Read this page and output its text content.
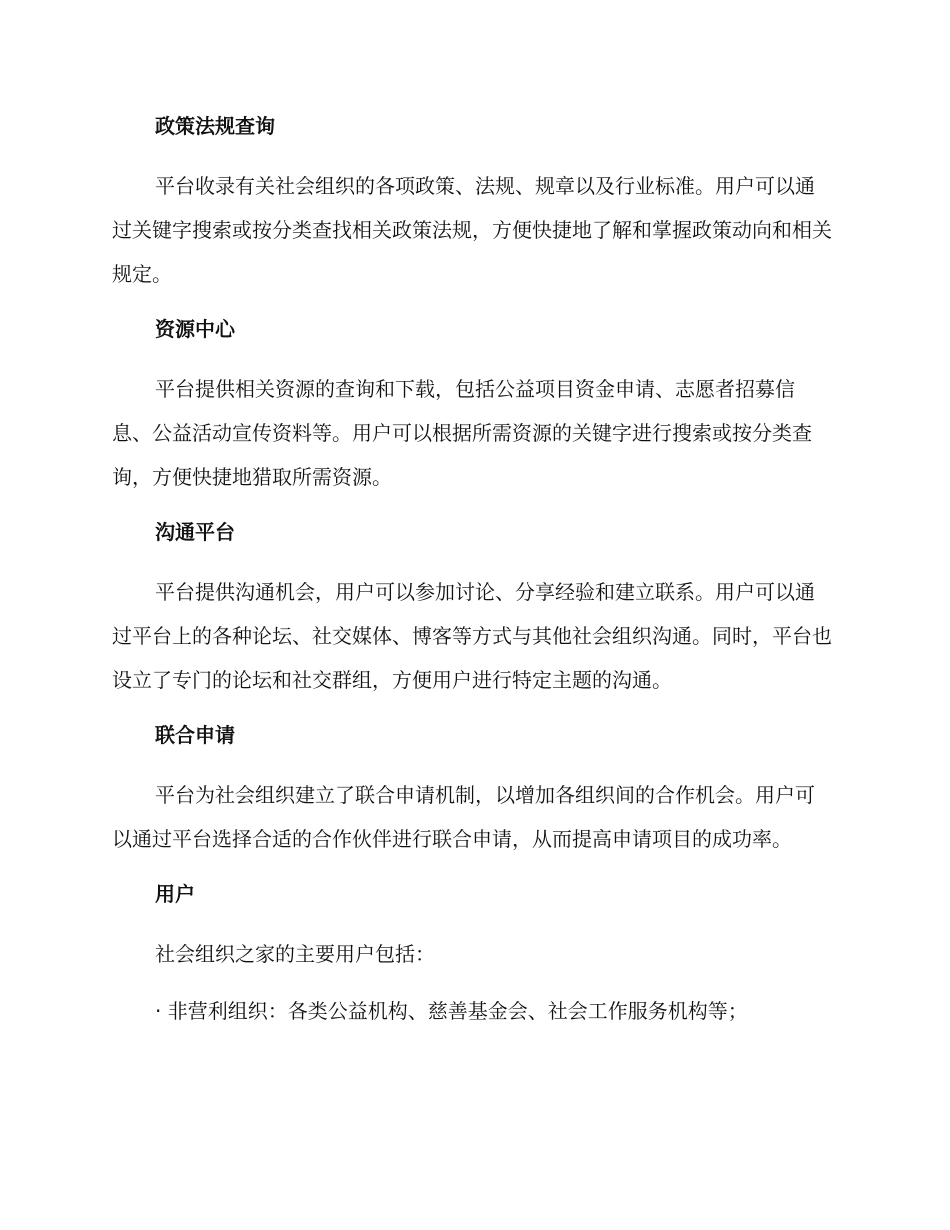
政策法规查询

平台收录有关社会组织的各项政策、法规、规章以及行业标准。用户可以通过关键字搜索或按分类查找相关政策法规，方便快捷地了解和掌握政策动向和相关规定。

资源中心

平台提供相关资源的查询和下载，包括公益项目资金申请、志愿者招募信息、公益活动宣传资料等。用户可以根据所需资源的关键字进行搜索或按分类查询，方便快捷地猎取所需资源。

沟通平台

平台提供沟通机会，用户可以参加讨论、分享经验和建立联系。用户可以通过平台上的各种论坛、社交媒体、博客等方式与其他社会组织沟通。同时，平台也设立了专门的论坛和社交群组，方便用户进行特定主题的沟通。

联合申请

平台为社会组织建立了联合申请机制，以增加各组织间的合作机会。用户可以通过平台选择合适的合作伙伴进行联合申请，从而提高申请项目的成功率。

用户

社会组织之家的主要用户包括：

· 非营利组织：各类公益机构、慈善基金会、社会工作服务机构等；
